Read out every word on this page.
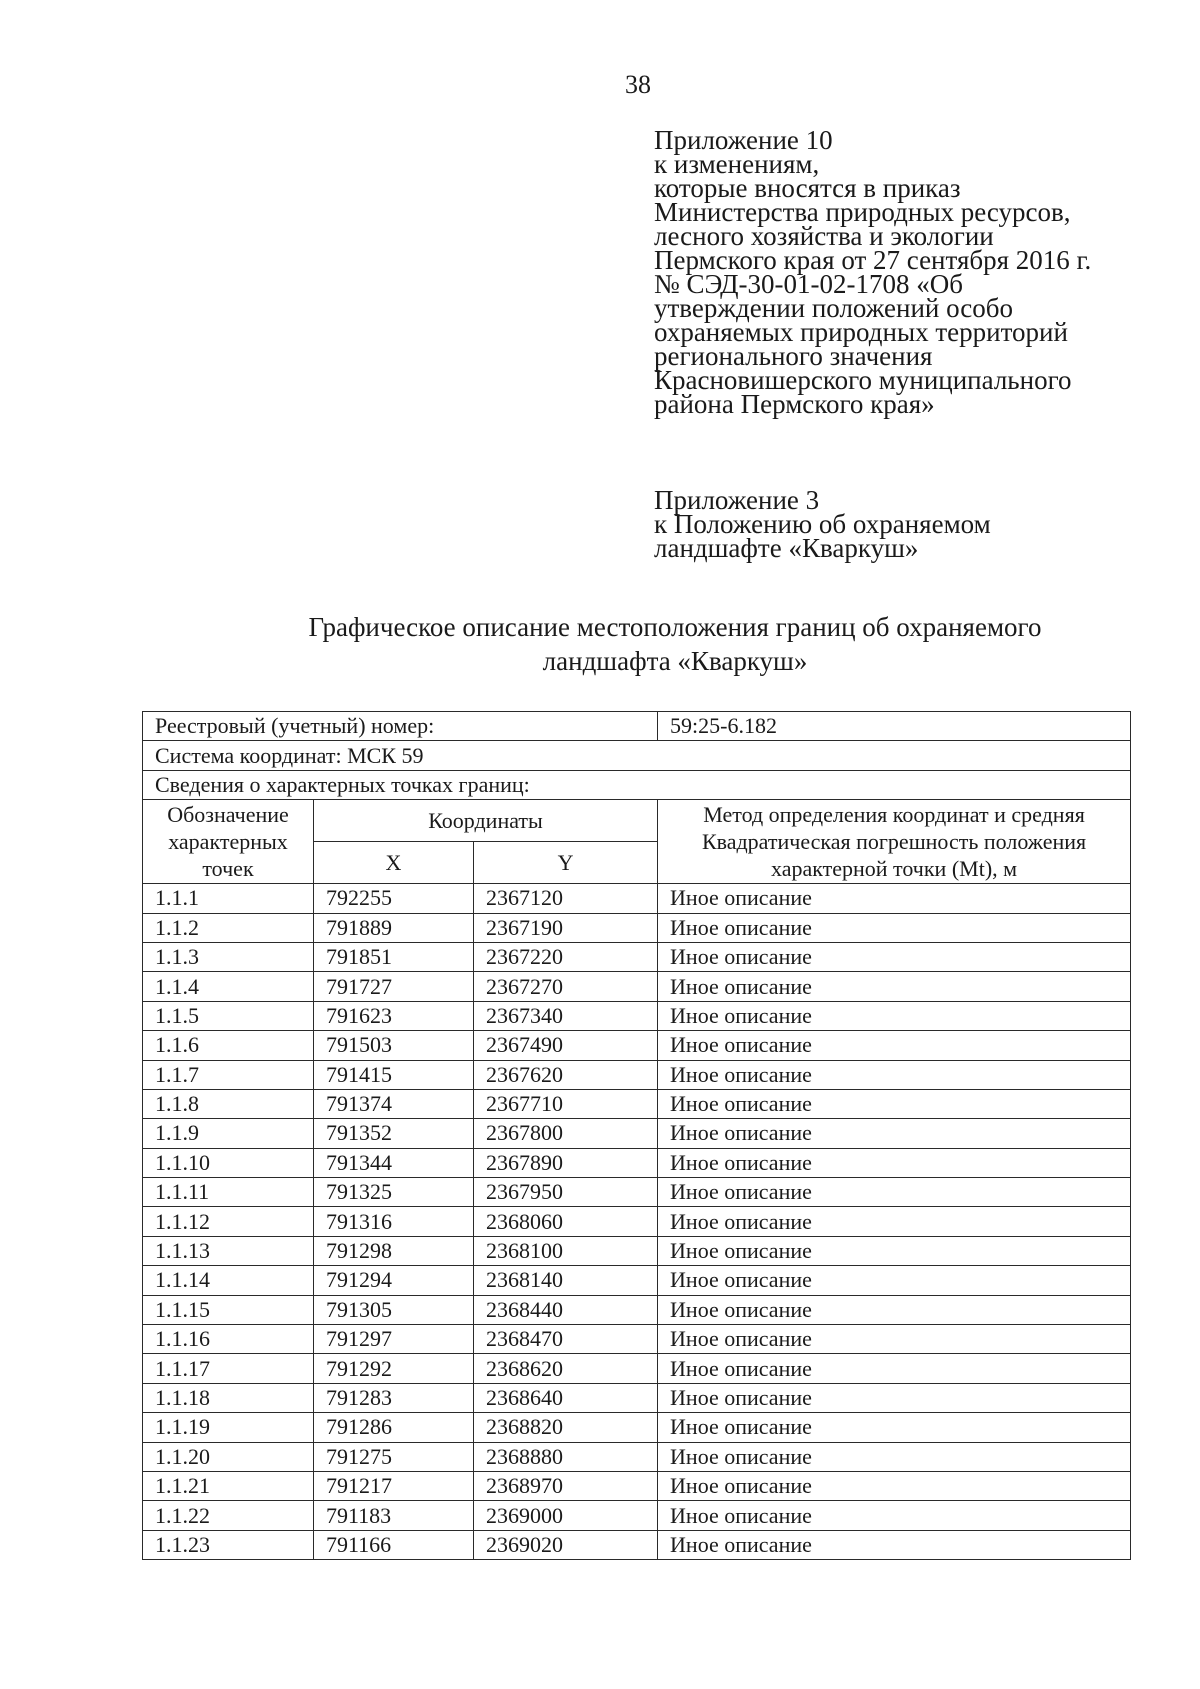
38
Приложение 10
к изменениям,
которые вносятся в приказ
Министерства природных ресурсов,
лесного хозяйства и экологии
Пермского края от 27 сентября 2016 г.
№ СЭД-30-01-02-1708 «Об
утверждении положений особо
охраняемых природных территорий
регионального значения
Красновишерского муниципального
района Пермского края»
Приложение 3
к Положению об охраняемом
ландшафте «Кваркуш»
Графическое описание местоположения границ об охраняемого
ландшафта «Кваркуш»
Реестровый (учетный) номер:			59:25-6.182
Система координат: МСК 59			
Сведения о характерных точках границ:			
Обозначение характерных точек	Координаты		Метод определения координат и средняя Квадратическая погрешность положения характерной точки (Mt), м
	X	Y	
1.1.1	792255	2367120	Иное описание
1.1.2	791889	2367190	Иное описание
1.1.3	791851	2367220	Иное описание
1.1.4	791727	2367270	Иное описание
1.1.5	791623	2367340	Иное описание
1.1.6	791503	2367490	Иное описание
1.1.7	791415	2367620	Иное описание
1.1.8	791374	2367710	Иное описание
1.1.9	791352	2367800	Иное описание
1.1.10	791344	2367890	Иное описание
1.1.11	791325	2367950	Иное описание
1.1.12	791316	2368060	Иное описание
1.1.13	791298	2368100	Иное описание
1.1.14	791294	2368140	Иное описание
1.1.15	791305	2368440	Иное описание
1.1.16	791297	2368470	Иное описание
1.1.17	791292	2368620	Иное описание
1.1.18	791283	2368640	Иное описание
1.1.19	791286	2368820	Иное описание
1.1.20	791275	2368880	Иное описание
1.1.21	791217	2368970	Иное описание
1.1.22	791183	2369000	Иное описание
1.1.23	791166	2369020	Иное описание
